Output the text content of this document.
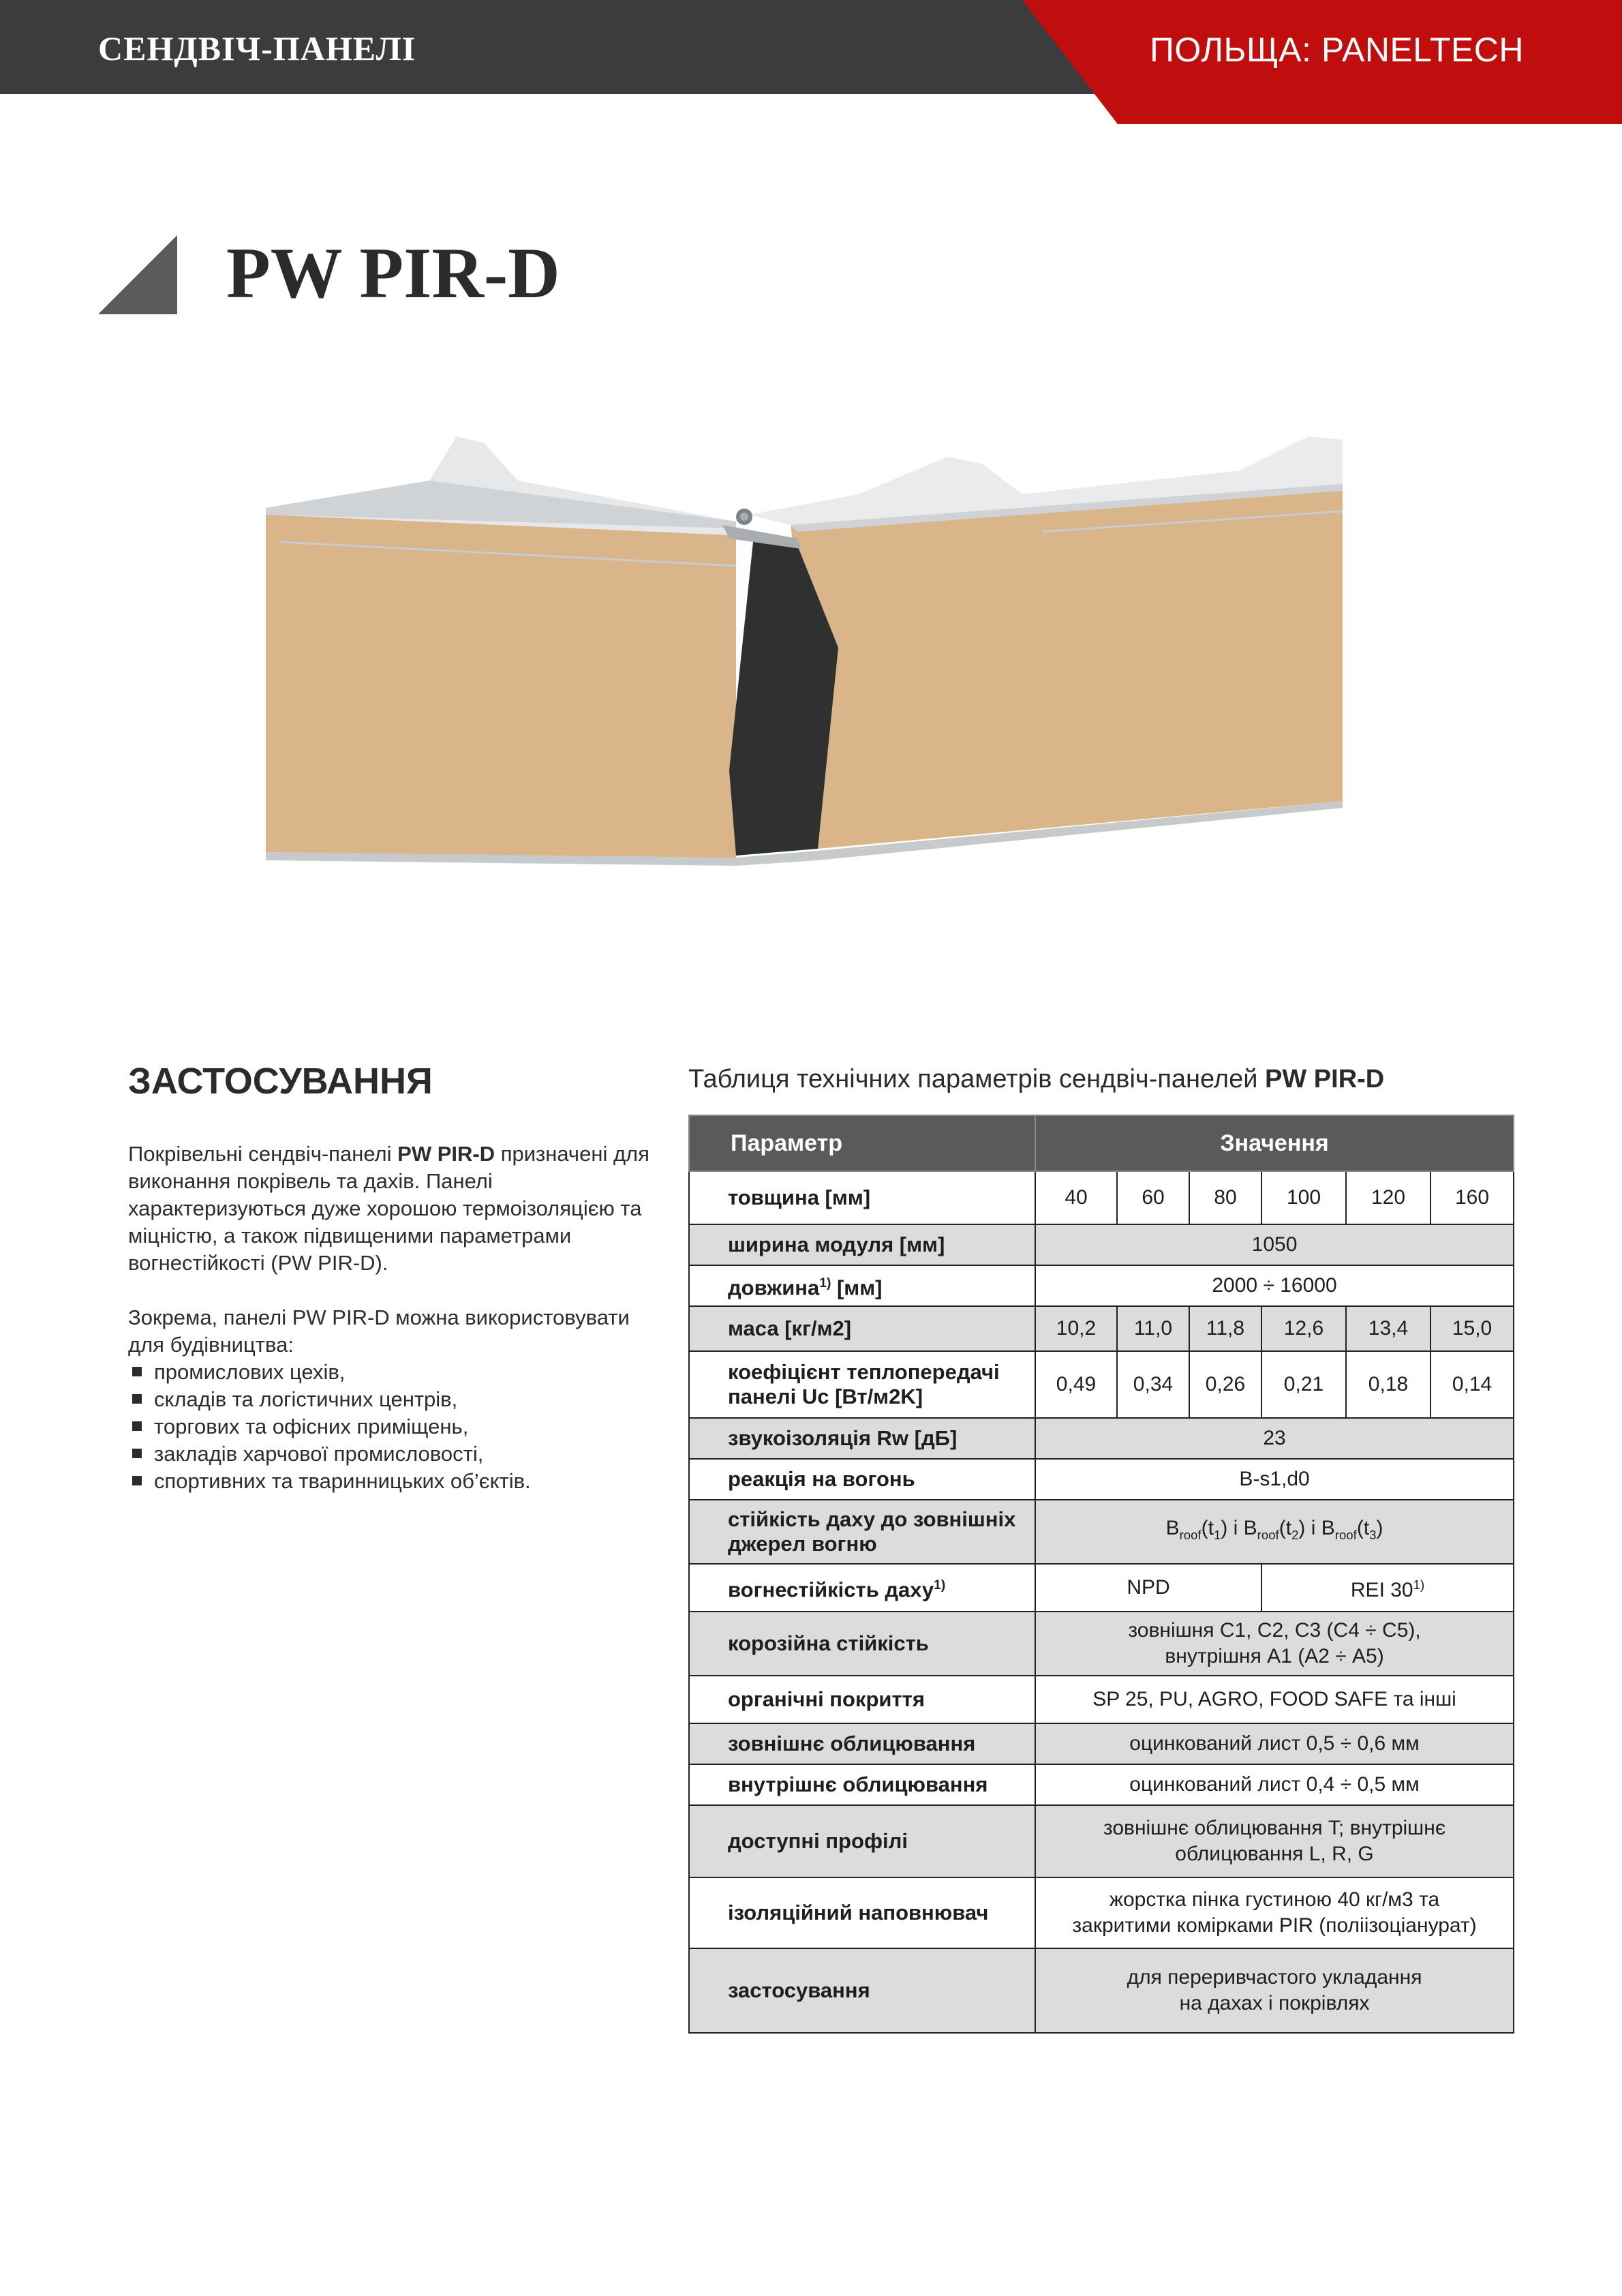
СЕНДВІЧ-ПАНЕЛІ	ПОЛЬЩА: PANELTECH
PW PIR-D
ЗАСТОСУВАННЯ

Покрівельні сендвіч-панелі PW PIR-D призначені для виконання покрівель та дахів. Панелі характеризуються дуже хорошою термоізоляцією та міцністю, а також підвищеними параметрами вогнестійкості (PW PIR-D).

Зокрема, панелі PW PIR-D можна використовувати для будівництва:
промислових цехів,
складів та логістичних центрів,
торгових та офісних приміщень,
закладів харчової промисловості,
спортивних та тваринницьких об’єктів.
Таблиця технічних параметрів сендвіч-панелей PW PIR-D
Параметр	Значення					
товщина [мм]	40	60	80	100	120	160
ширина модуля [мм]	1050					
довжина$^{1)}$ [мм]	2000 ÷ 16000					
маса [кг/м2]	10,2	11,0	11,8	12,6	13,4	15,0
коефіцієнт теплопередачі
панелі Uc [Вт/м2K]	0,49	0,34	0,26	0,21	0,18	0,14
звукоізоляція Rw [дБ]	23					
реакція на вогонь	B-s1,d0					
стійкість даху до зовнішніх
джерел вогню	$B_{roof}(t_1)$ і $B_{roof}(t_2)$ і $B_{roof}(t_3)$					
вогнестійкість даху$^{1)}$	NPD			REI 30$^{1)}$
корозійна стійкість	зовнішня С1, С2, С3 (С4 ÷ С5),
внутрішня А1 (А2 ÷ А5)					
органічні покриття	SP 25, PU, AGRO, FOOD SAFE та інші					
зовнішнє облицювання	оцинкований лист 0,5 ÷ 0,6 мм					
внутрішнє облицювання	оцинкований лист 0,4 ÷ 0,5 мм					
доступні профілі	зовнішнє облицювання T; внутрішнє
облицювання L, R, G					
ізоляційний наповнювач	жорстка пінка густиною 40 кг/м3 та
закритими комірками PIR (поліізоціанурат)					
застосування	для переривчастого укладання
на дахах і покрівлях					
